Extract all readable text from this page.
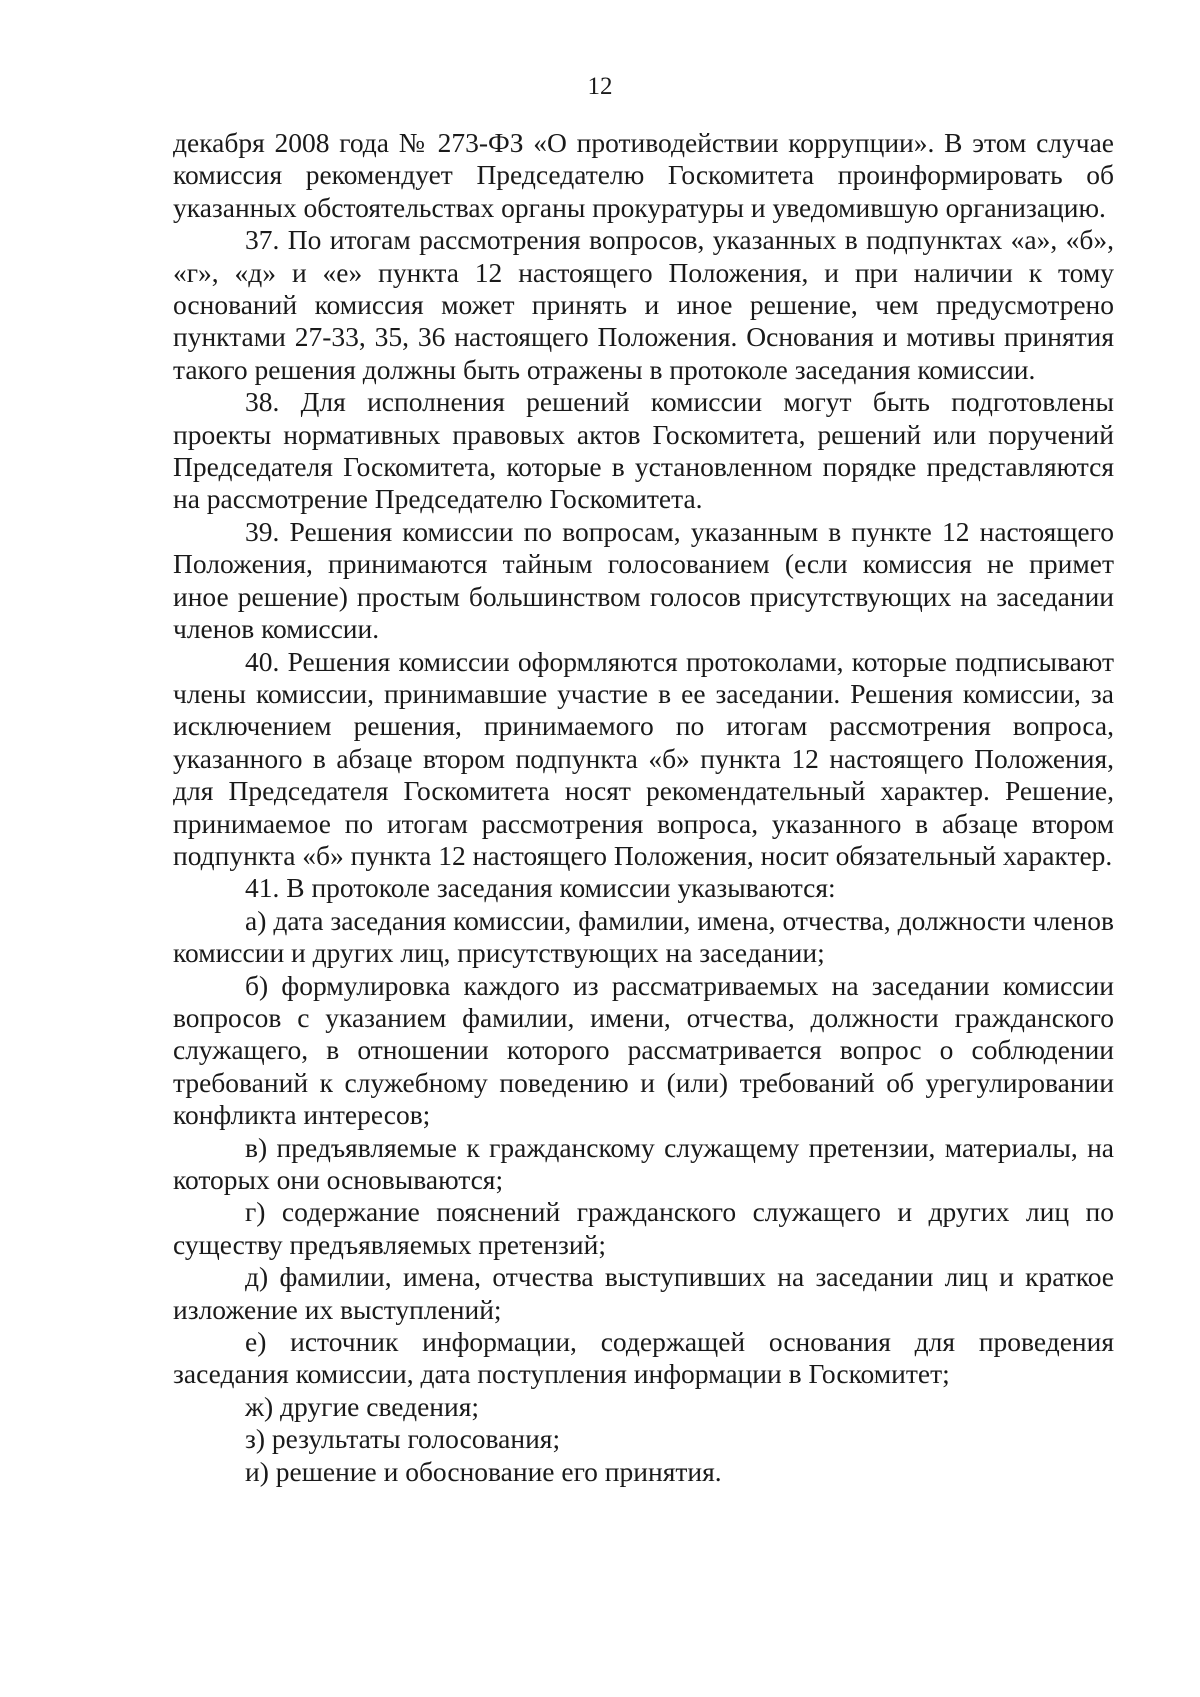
12

декабря 2008 года № 273-ФЗ «О противодействии коррупции». В этом случае комиссия рекомендует Председателю Госкомитета проинформировать об указанных обстоятельствах органы прокуратуры и уведомившую организацию.

37. По итогам рассмотрения вопросов, указанных в подпунктах «а», «б», «г», «д» и «е» пункта 12 настоящего Положения, и при наличии к тому оснований комиссия может принять и иное решение, чем предусмотрено пунктами 27-33, 35, 36 настоящего Положения. Основания и мотивы принятия такого решения должны быть отражены в протоколе заседания комиссии.

38. Для исполнения решений комиссии могут быть подготовлены проекты нормативных правовых актов Госкомитета, решений или поручений Председателя Госкомитета, которые в установленном порядке представляются на рассмотрение Председателю Госкомитета.

39. Решения комиссии по вопросам, указанным в пункте 12 настоящего Положения, принимаются тайным голосованием (если комиссия не примет иное решение) простым большинством голосов присутствующих на заседании членов комиссии.

40. Решения комиссии оформляются протоколами, которые подписывают члены комиссии, принимавшие участие в ее заседании. Решения комиссии, за исключением решения, принимаемого по итогам рассмотрения вопроса, указанного в абзаце втором подпункта «б» пункта 12 настоящего Положения, для Председателя Госкомитета носят рекомендательный характер. Решение, принимаемое по итогам рассмотрения вопроса, указанного в абзаце втором подпункта «б» пункта 12 настоящего Положения, носит обязательный характер.

41. В протоколе заседания комиссии указываются:

а) дата заседания комиссии, фамилии, имена, отчества, должности членов комиссии и других лиц, присутствующих на заседании;

б) формулировка каждого из рассматриваемых на заседании комиссии вопросов с указанием фамилии, имени, отчества, должности гражданского служащего, в отношении которого рассматривается вопрос о соблюдении требований к служебному поведению и (или) требований об урегулировании конфликта интересов;

в) предъявляемые к гражданскому служащему претензии, материалы, на которых они основываются;

г) содержание пояснений гражданского служащего и других лиц по существу предъявляемых претензий;

д) фамилии, имена, отчества выступивших на заседании лиц и краткое изложение их выступлений;

е) источник информации, содержащей основания для проведения заседания комиссии, дата поступления информации в Госкомитет;

ж) другие сведения;

з) результаты голосования;

и) решение и обоснование его принятия.
